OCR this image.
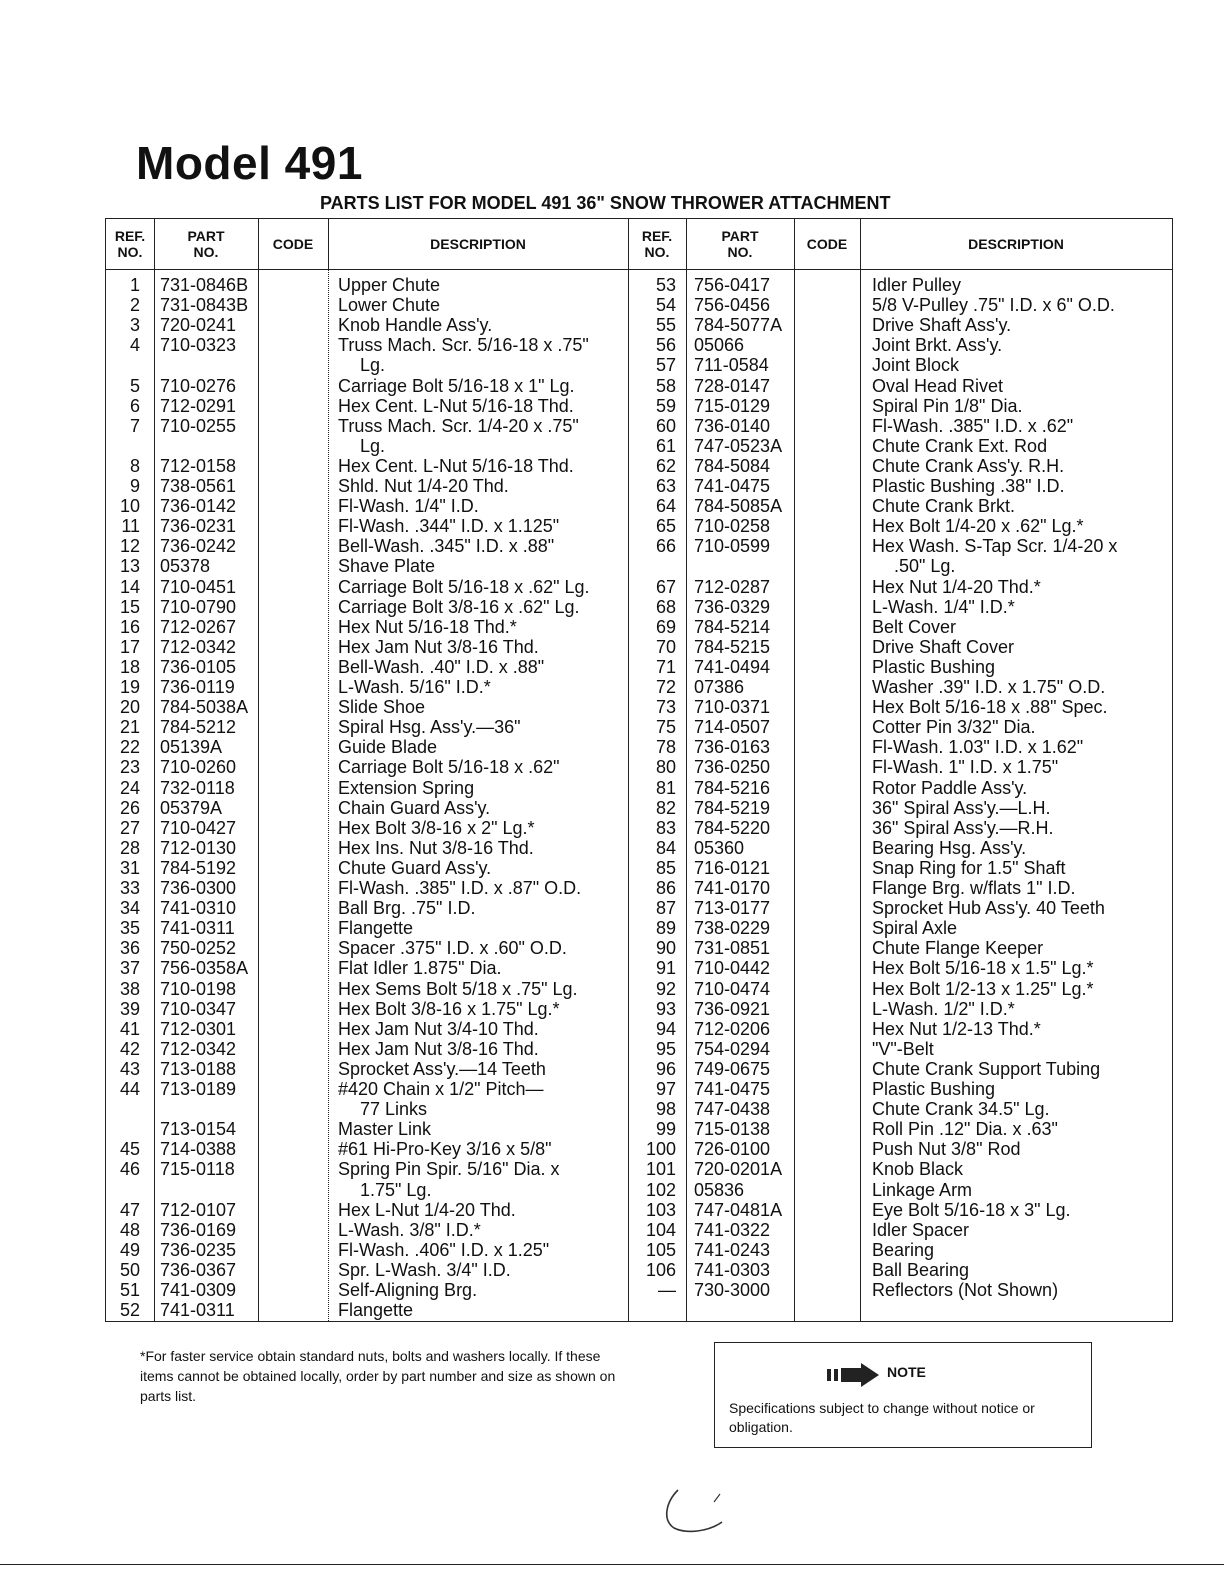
Model 491
PARTS LIST FOR MODEL 491 36" SNOW THROWER ATTACHMENT
REF.
NO.
PART
NO.
CODE	DESCRIPTION
REF.
NO.
PART
NO.
CODE	DESCRIPTION
1 731-0846B	Upper Chute
2 731-0843B	Lower Chute
3 720-0241	Knob Handle Ass'y.
4 710-0323	Truss Mach. Scr. 5/16-18 x .75"
Lg.
5 710-0276	Carriage Bolt 5/16-18 x 1" Lg.
6 712-0291	Hex Cent. L-Nut 5/16-18 Thd.
7 710-0255	Truss Mach. Scr. 1/4-20 x .75"
Lg.
8 712-0158	Hex Cent. L-Nut 5/16-18 Thd.
9 738-0561	Shld. Nut 1/4-20 Thd.
10 736-0142	Fl-Wash. 1/4" I.D.
11 736-0231	Fl-Wash. .344" I.D. x 1.125"
12 736-0242	Bell-Wash. .345" I.D. x .88"
13 05378	Shave Plate
14 710-0451	Carriage Bolt 5/16-18 x .62" Lg.
15 710-0790	Carriage Bolt 3/8-16 x .62" Lg.
16 712-0267	Hex Nut 5/16-18 Thd.*
17 712-0342	Hex Jam Nut 3/8-16 Thd.
18 736-0105	Bell-Wash. .40" I.D. x .88"
19 736-0119	L-Wash. 5/16" I.D.*
20 784-5038A	Slide Shoe
21 784-5212	Spiral Hsg. Ass'y.—36"
22 05139A	Guide Blade
23 710-0260	Carriage Bolt 5/16-18 x .62"
24 732-0118	Extension Spring
26 05379A	Chain Guard Ass'y.
27 710-0427	Hex Bolt 3/8-16 x 2" Lg.*
28 712-0130	Hex Ins. Nut 3/8-16 Thd.
31 784-5192	Chute Guard Ass'y.
33 736-0300	Fl-Wash. .385" I.D. x .87" O.D.
34 741-0310	Ball Brg. .75" I.D.
35 741-0311	Flangette
36 750-0252	Spacer .375" I.D. x .60" O.D.
37 756-0358A	Flat Idler 1.875" Dia.
38 710-0198	Hex Sems Bolt 5/18 x .75" Lg.
39 710-0347	Hex Bolt 3/8-16 x 1.75" Lg.*
41 712-0301	Hex Jam Nut 3/4-10 Thd.
42 712-0342	Hex Jam Nut 3/8-16 Thd.
43 713-0188	Sprocket Ass'y.—14 Teeth
44 713-0189	#420 Chain x 1/2" Pitch—
77 Links
713-0154	Master Link
45 714-0388	#61 Hi-Pro-Key 3/16 x 5/8"
46 715-0118	Spring Pin Spir. 5/16" Dia. x
1.75" Lg.
47 712-0107	Hex L-Nut 1/4-20 Thd.
48 736-0169	L-Wash. 3/8" I.D.*
49 736-0235	Fl-Wash. .406" I.D. x 1.25"
50 736-0367	Spr. L-Wash. 3/4" I.D.
51 741-0309	Self-Aligning Brg.
52 741-0311	Flangette
53 756-0417	Idler Pulley
54 756-0456	5/8 V-Pulley .75" I.D. x 6" O.D.
55 784-5077A	Drive Shaft Ass'y.
56 05066	Joint Brkt. Ass'y.
57 711-0584	Joint Block
58 728-0147	Oval Head Rivet
59 715-0129	Spiral Pin 1/8" Dia.
60 736-0140	Fl-Wash. .385" I.D. x .62"
61 747-0523A	Chute Crank Ext. Rod
62 784-5084	Chute Crank Ass'y. R.H.
63 741-0475	Plastic Bushing .38" I.D.
64 784-5085A	Chute Crank Brkt.
65 710-0258	Hex Bolt 1/4-20 x .62" Lg.*
66 710-0599	Hex Wash. S-Tap Scr. 1/4-20 x
.50" Lg.
67 712-0287	Hex Nut 1/4-20 Thd.*
68 736-0329	L-Wash. 1/4" I.D.*
69 784-5214	Belt Cover
70 784-5215	Drive Shaft Cover
71 741-0494	Plastic Bushing
72 07386	Washer .39" I.D. x 1.75" O.D.
73 710-0371	Hex Bolt 5/16-18 x .88" Spec.
75 714-0507	Cotter Pin 3/32" Dia.
78 736-0163	Fl-Wash. 1.03" I.D. x 1.62"
80 736-0250	Fl-Wash. 1" I.D. x 1.75"
81 784-5216	Rotor Paddle Ass'y.
82 784-5219	36" Spiral Ass'y.—L.H.
83 784-5220	36" Spiral Ass'y.—R.H.
84 05360	Bearing Hsg. Ass'y.
85 716-0121	Snap Ring for 1.5" Shaft
86 741-0170	Flange Brg. w/flats 1" I.D.
87 713-0177	Sprocket Hub Ass'y. 40 Teeth
89 738-0229	Spiral Axle
90 731-0851	Chute Flange Keeper
91 710-0442	Hex Bolt 5/16-18 x 1.5" Lg.*
92 710-0474	Hex Bolt 1/2-13 x 1.25" Lg.*
93 736-0921	L-Wash. 1/2" I.D.*
94 712-0206	Hex Nut 1/2-13 Thd.*
95 754-0294	"V"-Belt
96 749-0675	Chute Crank Support Tubing
97 741-0475	Plastic Bushing
98 747-0438	Chute Crank 34.5" Lg.
99 715-0138	Roll Pin .12" Dia. x .63"
100 726-0100	Push Nut 3/8" Rod
101 720-0201A	Knob Black
102 05836	Linkage Arm
103 747-0481A	Eye Bolt 5/16-18 x 3" Lg.
104 741-0322	Idler Spacer
105 741-0243	Bearing
106 741-0303	Ball Bearing
— 730-3000	Reflectors (Not Shown)
*For faster service obtain standard nuts, bolts and washers locally. If these items cannot be obtained locally, order by part number and size as shown on parts list.
NOTE
Specifications subject to change without notice or obligation.
